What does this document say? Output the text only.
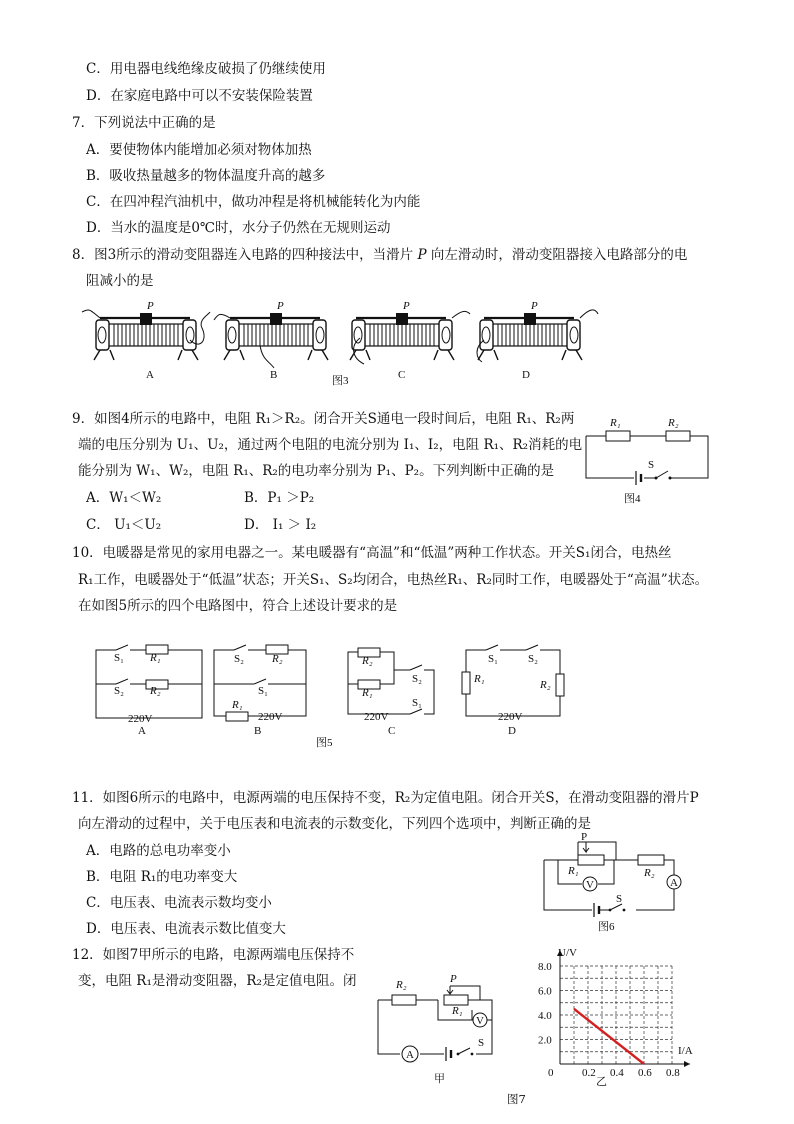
C．用电器电线绝缘皮破损了仍继续使用
D．在家庭电路中可以不安装保险装置
7．下列说法中正确的是
A．要使物体内能增加必须对物体加热
B．吸收热量越多的物体温度升高的越多
C．在四冲程汽油机中，做功冲程是将机械能转化为内能
D．当水的温度是0℃时，水分子仍然在无规则运动
8．图3所示的滑动变阻器连入电路的四种接法中，当滑片 P 向左滑动时，滑动变阻器接入电路部分的电
阻减小的是
P	P	P	P
A	B	C	D
图3
9．如图4所示的电路中，电阻 R₁＞R₂。闭合开关S通电一段时间后，电阻 R₁、R₂两
端的电压分别为 U₁、U₂，通过两个电阻的电流分别为 I₁、I₂，电阻 R₁、R₂消耗的电
能分别为 W₁、W₂，电阻 R₁、R₂的电功率分别为 P₁、P₂。下列判断中正确的是
A．W₁＜W₂	B．P₁ ＞P₂
C． U₁＜U₂	D． I₁ ＞ I₂
R₁	R₂
S
图4
10．电暖器是常见的家用电器之一。某电暖器有“高温”和“低温”两种工作状态。开关S₁闭合，电热丝
R₁工作，电暖器处于“低温”状态；开关S₁、S₂均闭合，电热丝R₁、R₂同时工作，电暖器处于“高温”状态。
在如图5所示的四个电路图中，符合上述设计要求的是
S₁ R₁
S₂ R₂
220V
A
S₂	R₂
R₁
S₁
220V
B
R₂
R₁
S₂
S₁
220V
C
S₁	S₂
R₁	R₂
220V
D
图5
11．如图6所示的电路中，电源两端的电压保持不变，R₂为定值电阻。闭合开关S，在滑动变阻器的滑片P
向左滑动的过程中，关于电压表和电流表的示数变化，下列四个选项中，判断正确的是
A．电路的总电功率变小
B．电阻 R₁的电功率变大
C．电压表、电流表示数均变小
D．电压表、电流表示数比值变大
P
R₁	R₂
V	A
S
图6
12．如图7甲所示的电路，电源两端电压保持不
变，电阻 R₁是滑动变阻器，R₂是定值电阻。闭	R₂	P
R₁
V
A
S
甲	0	0.2 0.4 0.6 0.8
2.0
4.0
6.0
8.0
U/V
I/A
乙
图7
